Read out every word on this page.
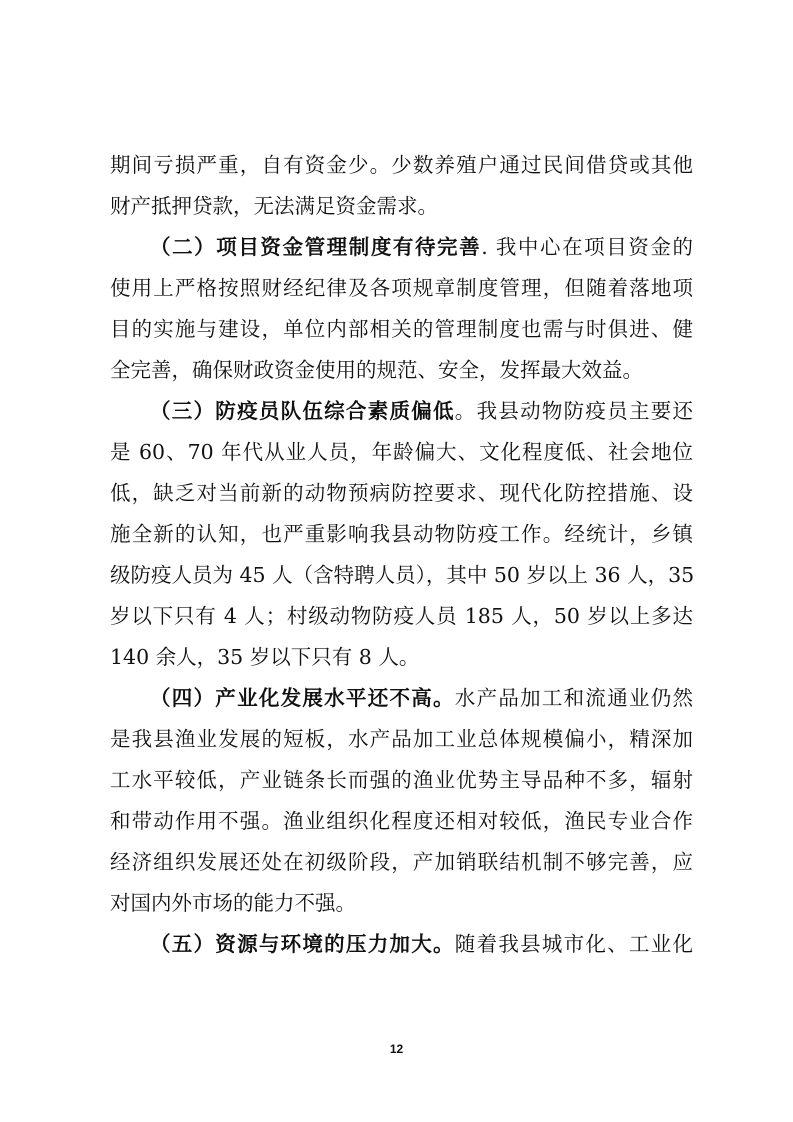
期间亏损严重，自有资金少。少数养殖户通过民间借贷或其他
财产抵押贷款，无法满足资金需求。
（二）项目资金管理制度有待完善. 我中心在项目资金的
使用上严格按照财经纪律及各项规章制度管理，但随着落地项
目的实施与建设，单位内部相关的管理制度也需与时俱进、健
全完善，确保财政资金使用的规范、安全，发挥最大效益。
（三）防疫员队伍综合素质偏低。我县动物防疫员主要还
是 60、70 年代从业人员，年龄偏大、文化程度低、社会地位
低，缺乏对当前新的动物预病防控要求、现代化防控措施、设
施全新的认知，也严重影响我县动物防疫工作。经统计，乡镇
级防疫人员为 45 人（含特聘人员），其中 50 岁以上 36 人，35
岁以下只有 4 人；村级动物防疫人员 185 人，50 岁以上多达
140 余人，35 岁以下只有 8 人。
（四）产业化发展水平还不高。水产品加工和流通业仍然
是我县渔业发展的短板，水产品加工业总体规模偏小，精深加
工水平较低，产业链条长而强的渔业优势主导品种不多，辐射
和带动作用不强。渔业组织化程度还相对较低，渔民专业合作
经济组织发展还处在初级阶段，产加销联结机制不够完善，应
对国内外市场的能力不强。
（五）资源与环境的压力加大。随着我县城市化、工业化
12
